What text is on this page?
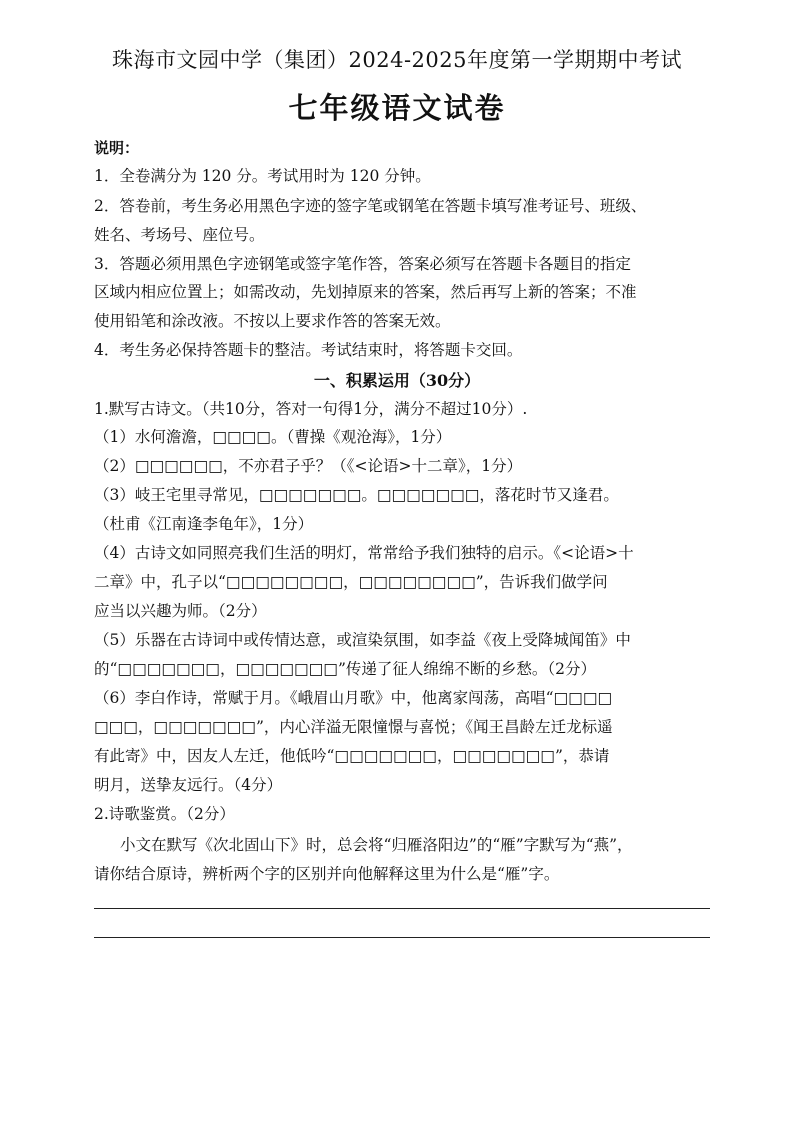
珠海市文园中学（集团）2024-2025年度第一学期期中考试
七年级语文试卷
说明：
1．全卷满分为 120 分。考试用时为 120 分钟。
2．答卷前，考生务必用黑色字迹的签字笔或钢笔在答题卡填写准考证号、班级、
姓名、考场号、座位号。
3．答题必须用黑色字迹钢笔或签字笔作答，答案必须写在答题卡各题目的指定
区域内相应位置上；如需改动，先划掉原来的答案，然后再写上新的答案；不准
使用铅笔和涂改液。不按以上要求作答的答案无效。
4．考生务必保持答题卡的整洁。考试结束时，将答题卡交回。
一、积累运用（30分）
1.默写古诗文。（共10分，答对一句得1分，满分不超过10分）.
（1）水何澹澹，□□□□。（曹操《观沧海》，1分）
（2）□□□□□□，不亦君子乎？（《<论语>十二章》，1分）
（3）岐王宅里寻常见，□□□□□□□。□□□□□□□，落花时节又逢君。
（杜甫《江南逢李龟年》，1分）
（4）古诗文如同照亮我们生活的明灯，常常给予我们独特的启示。《<论语>十
二章》中，孔子以“□□□□□□□□，□□□□□□□□”，告诉我们做学问
应当以兴趣为师。（2分）
（5）乐器在古诗词中或传情达意，或渲染氛围，如李益《夜上受降城闻笛》中
的“□□□□□□□，□□□□□□□”传递了征人绵绵不断的乡愁。（2分）
（6）李白作诗，常赋于月。《峨眉山月歌》中，他离家闯荡，高唱“□□□□
□□□，□□□□□□□”，内心洋溢无限憧憬与喜悦；《闻王昌龄左迁龙标遥
有此寄》中，因友人左迁，他低吟“□□□□□□□，□□□□□□□”，恭请
明月，送挚友远行。（4分）
2.诗歌鉴赏。（2分）
小文在默写《次北固山下》时，总会将“归雁洛阳边”的“雁”字默写为“燕”，
请你结合原诗，辨析两个字的区别并向他解释这里为什么是“雁”字。
